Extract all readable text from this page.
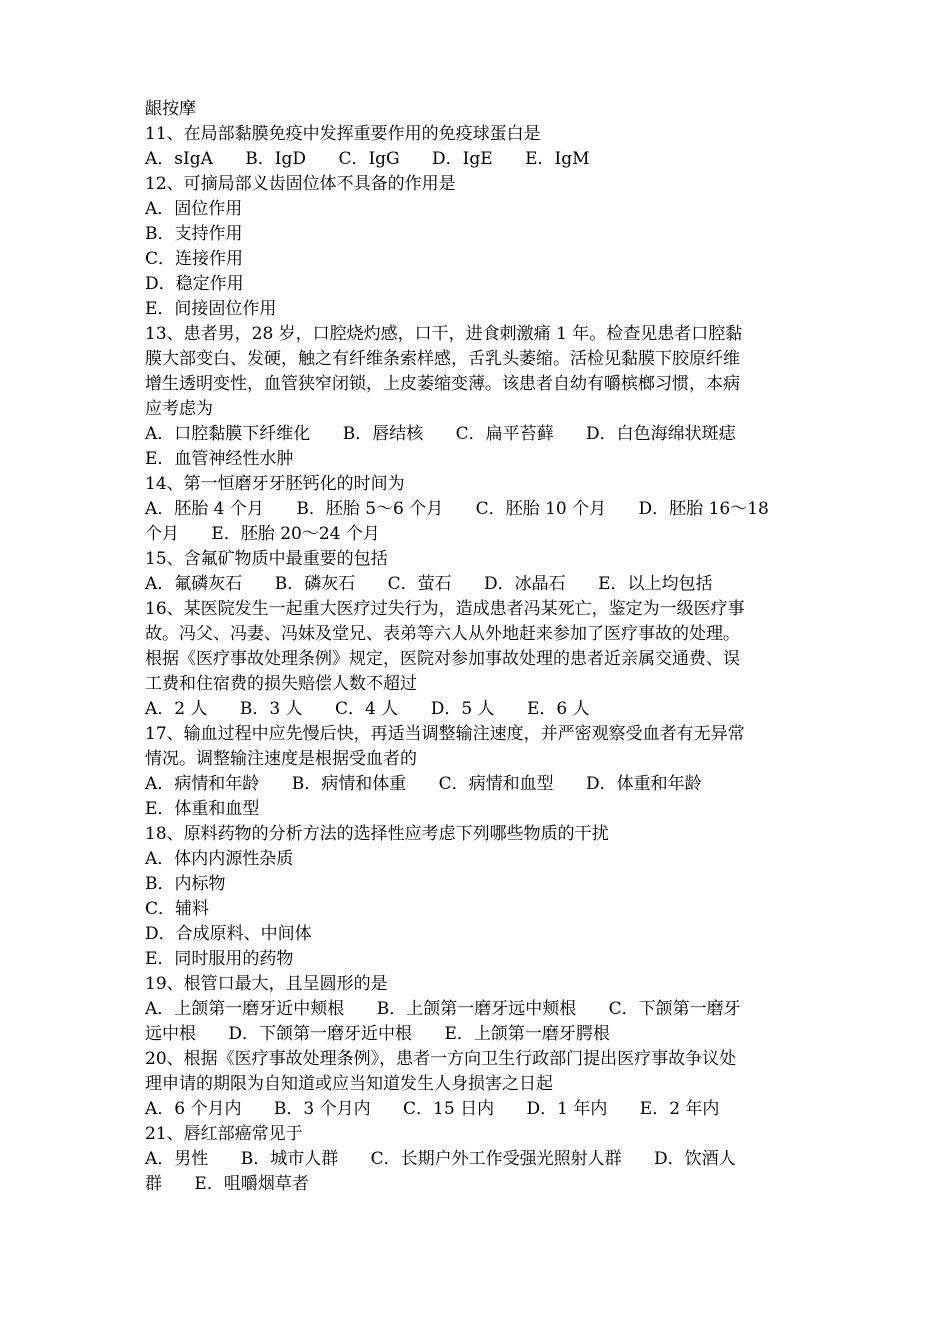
龈按摩
11、在局部黏膜免疫中发挥重要作用的免疫球蛋白是
A．sIgA      B．IgD      C．IgG      D．IgE      E．IgM
12、可摘局部义齿固位体不具备的作用是
A．固位作用
B．支持作用
C．连接作用
D．稳定作用
E．间接固位作用
13、患者男，28 岁，口腔烧灼感，口干，进食刺激痛 1 年。检查见患者口腔黏
膜大部变白、发硬，触之有纤维条索样感，舌乳头萎缩。活检见黏膜下胶原纤维
增生透明变性，血管狭窄闭锁，上皮萎缩变薄。该患者自幼有嚼槟榔习惯，本病
应考虑为
A．口腔黏膜下纤维化      B．唇结核      C．扁平苔藓      D．白色海绵状斑痣
E．血管神经性水肿
14、第一恒磨牙牙胚钙化的时间为
A．胚胎 4 个月      B．胚胎 5～6 个月      C．胚胎 10 个月      D．胚胎 16～18
个月      E．胚胎 20～24 个月
15、含氟矿物质中最重要的包括
A．氟磷灰石      B．磷灰石      C．萤石      D．冰晶石      E．以上均包括
16、某医院发生一起重大医疗过失行为，造成患者冯某死亡，鉴定为一级医疗事
故。冯父、冯妻、冯妹及堂兄、表弟等六人从外地赶来参加了医疗事故的处理。
根据《医疗事故处理条例》规定，医院对参加事故处理的患者近亲属交通费、误
工费和住宿费的损失赔偿人数不超过
A．2 人      B．3 人      C．4 人      D．5 人      E．6 人
17、输血过程中应先慢后快，再适当调整输注速度，并严密观察受血者有无异常
情况。调整输注速度是根据受血者的
A．病情和年龄      B．病情和体重      C．病情和血型      D．体重和年龄
E．体重和血型
18、原料药物的分析方法的选择性应考虑下列哪些物质的干扰
A．体内内源性杂质
B．内标物
C．辅料
D．合成原料、中间体
E．同时服用的药物
19、根管口最大，且呈圆形的是
A．上颌第一磨牙近中颊根      B．上颌第一磨牙远中颊根      C．下颌第一磨牙
远中根      D．下颌第一磨牙近中根      E．上颌第一磨牙腭根
20、根据《医疗事故处理条例》，患者一方向卫生行政部门提出医疗事故争议处
理申请的期限为自知道或应当知道发生人身损害之日起
A．6 个月内      B．3 个月内      C．15 日内      D．1 年内      E．2 年内
21、唇红部癌常见于
A．男性      B．城市人群      C．长期户外工作受强光照射人群      D．饮酒人
群      E．咀嚼烟草者
